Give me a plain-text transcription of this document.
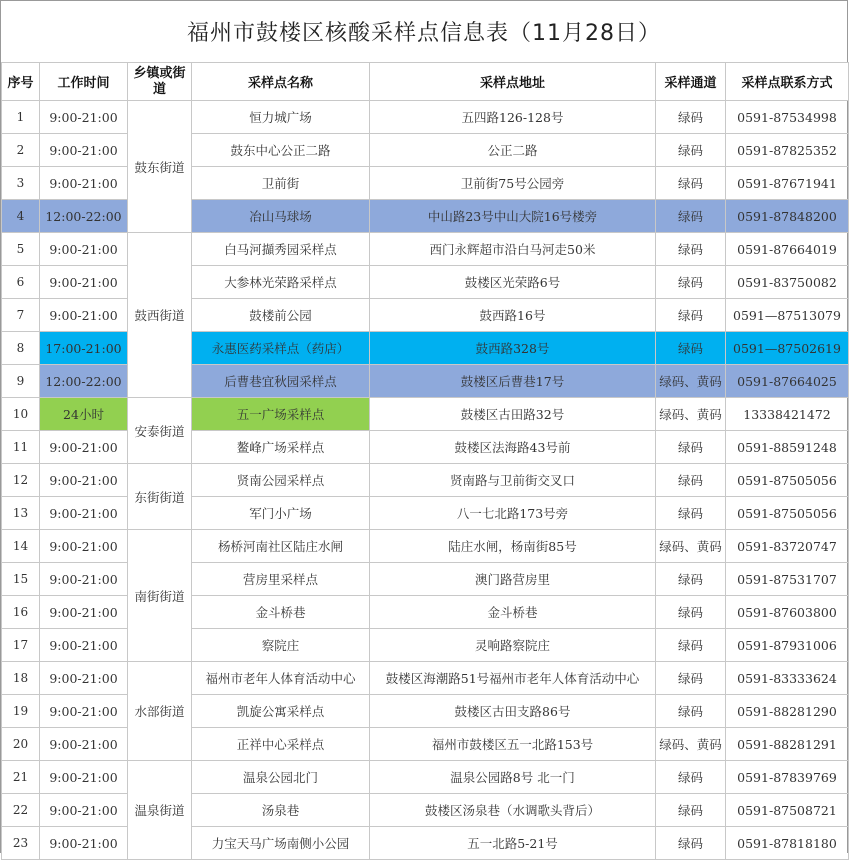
福州市鼓楼区核酸采样点信息表（11月28日）
序号	工作时间	乡镇或街道	采样点名称	采样点地址	采样通道	采样点联系方式
1	9:00-21:00	鼓东街道	恒力城广场	五四路126-128号	绿码	0591-87534998
2	9:00-21:00		鼓东中心公正二路	公正二路	绿码	0591-87825352
3	9:00-21:00		卫前街	卫前街75号公园旁	绿码	0591-87671941
4	12:00-22:00		冶山马球场	中山路23号中山大院16号楼旁	绿码	0591-87848200
5	9:00-21:00	鼓西街道	白马河擷秀园采样点	西门永辉超市沿白马河走50米	绿码	0591-87664019
6	9:00-21:00		大参林光荣路采样点	鼓楼区光荣路6号	绿码	0591-83750082
7	9:00-21:00		鼓楼前公园	鼓西路16号	绿码	0591—87513079
8	17:00-21:00		永惠医药采样点（药店）	鼓西路328号	绿码	0591—87502619
9	12:00-22:00		后曹巷宜秋园采样点	鼓楼区后曹巷17号	绿码、黄码	0591-87664025
10	24小时	安泰街道	五一广场采样点	鼓楼区古田路32号	绿码、黄码	13338421472
11	9:00-21:00		鳌峰广场采样点	鼓楼区法海路43号前	绿码	0591-88591248
12	9:00-21:00	东街街道	贤南公园采样点	贤南路与卫前街交叉口	绿码	0591-87505056
13	9:00-21:00		军门小广场	八一七北路173号旁	绿码	0591-87505056
14	9:00-21:00	南街街道	杨桥河南社区陆庄水闸	陆庄水闸，杨南街85号	绿码、黄码	0591-83720747
15	9:00-21:00		营房里采样点	澳门路营房里	绿码	0591-87531707
16	9:00-21:00		金斗桥巷	金斗桥巷	绿码	0591-87603800
17	9:00-21:00		察院庄	灵响路察院庄	绿码	0591-87931006
18	9:00-21:00	水部街道	福州市老年人体育活动中心	鼓楼区海潮路51号福州市老年人体育活动中心	绿码	0591-83333624
19	9:00-21:00		凯旋公寓采样点	鼓楼区古田支路86号	绿码	0591-88281290
20	9:00-21:00		正祥中心采样点	福州市鼓楼区五一北路153号	绿码、黄码	0591-88281291
21	9:00-21:00	温泉街道	温泉公园北门	温泉公园路8号 北一门	绿码	0591-87839769
22	9:00-21:00		汤泉巷	鼓楼区汤泉巷（水调歌头背后）	绿码	0591-87508721
23	9:00-21:00		力宝天马广场南侧小公园	五一北路5-21号	绿码	0591-87818180
